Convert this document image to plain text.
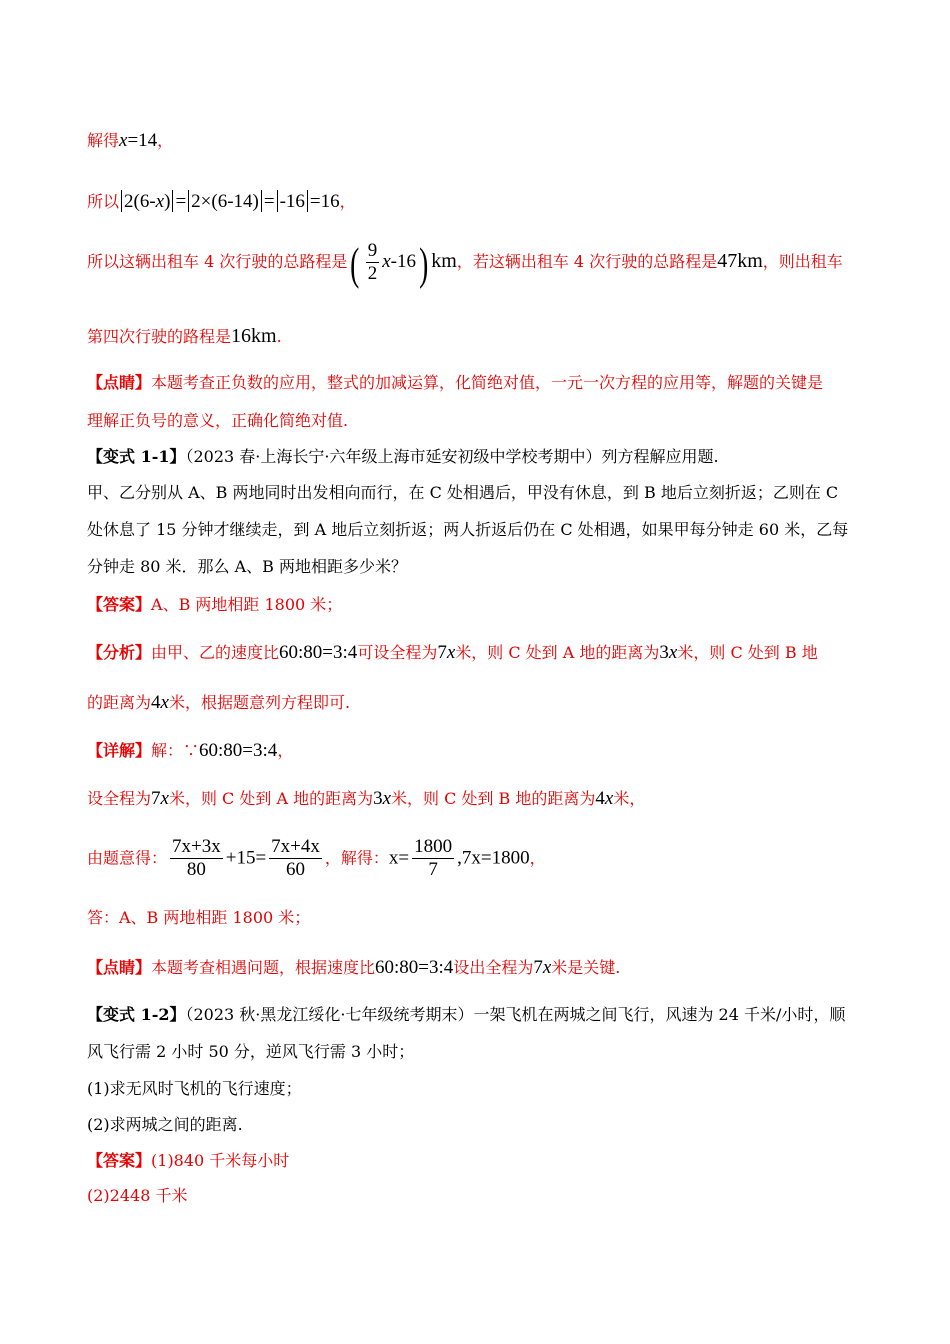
解得x=14，
所以 2(6-x) = 2×(6-14) = -16 =16，
所以这辆出租车 4 次行驶的总路程是( $\frac{9}{2} x-16$) km，若这辆出租车 4 次行驶的总路程是47km，则出租车
第四次行驶的路程是16km.
【点睛】本题考查正负数的应用，整式的加减运算，化简绝对值，一元一次方程的应用等，解题的关键是
理解正负号的意义，正确化简绝对值.
【变式 1-1】（2023 春·上海长宁·六年级上海市延安初级中学校考期中）列方程解应用题.
甲、乙分别从 A、B 两地同时出发相向而行，在 C 处相遇后，甲没有休息，到 B 地后立刻折返；乙则在 C
处休息了 15 分钟才继续走，到 A 地后立刻折返；两人折返后仍在 C 处相遇，如果甲每分钟走 60 米，乙每
分钟走 80 米．那么 A、B 两地相距多少米？
【答案】A、B 两地相距 1800 米；
【分析】由甲、乙的速度比60:80=3:4可设全程为7x米，则 C 处到 A 地的距离为3x米，则 C 处到 B 地
的距离为4x米，根据题意列方程即可.
【详解】解：∵60:80=3:4，
设全程为7x米，则 C 处到 A 地的距离为3x米，则 C 处到 B 地的距离为4x米，
由题意得： $\frac{7x+3x}{80} +15= \frac{7x+4x}{60}$ ，解得：$x= \frac{1800}{7} ,7x=1800$，
答：A、B 两地相距 1800 米；
【点睛】本题考查相遇问题，根据速度比60:80=3:4设出全程为7x米是关键.
【变式 1-2】（2023 秋·黑龙江绥化·七年级统考期末）一架飞机在两城之间飞行，风速为 24 千米/小时，顺
风飞行需 2 小时 50 分，逆风飞行需 3 小时；
(1)求无风时飞机的飞行速度；
(2)求两城之间的距离.
【答案】(1)840 千米每小时
(2)2448 千米
